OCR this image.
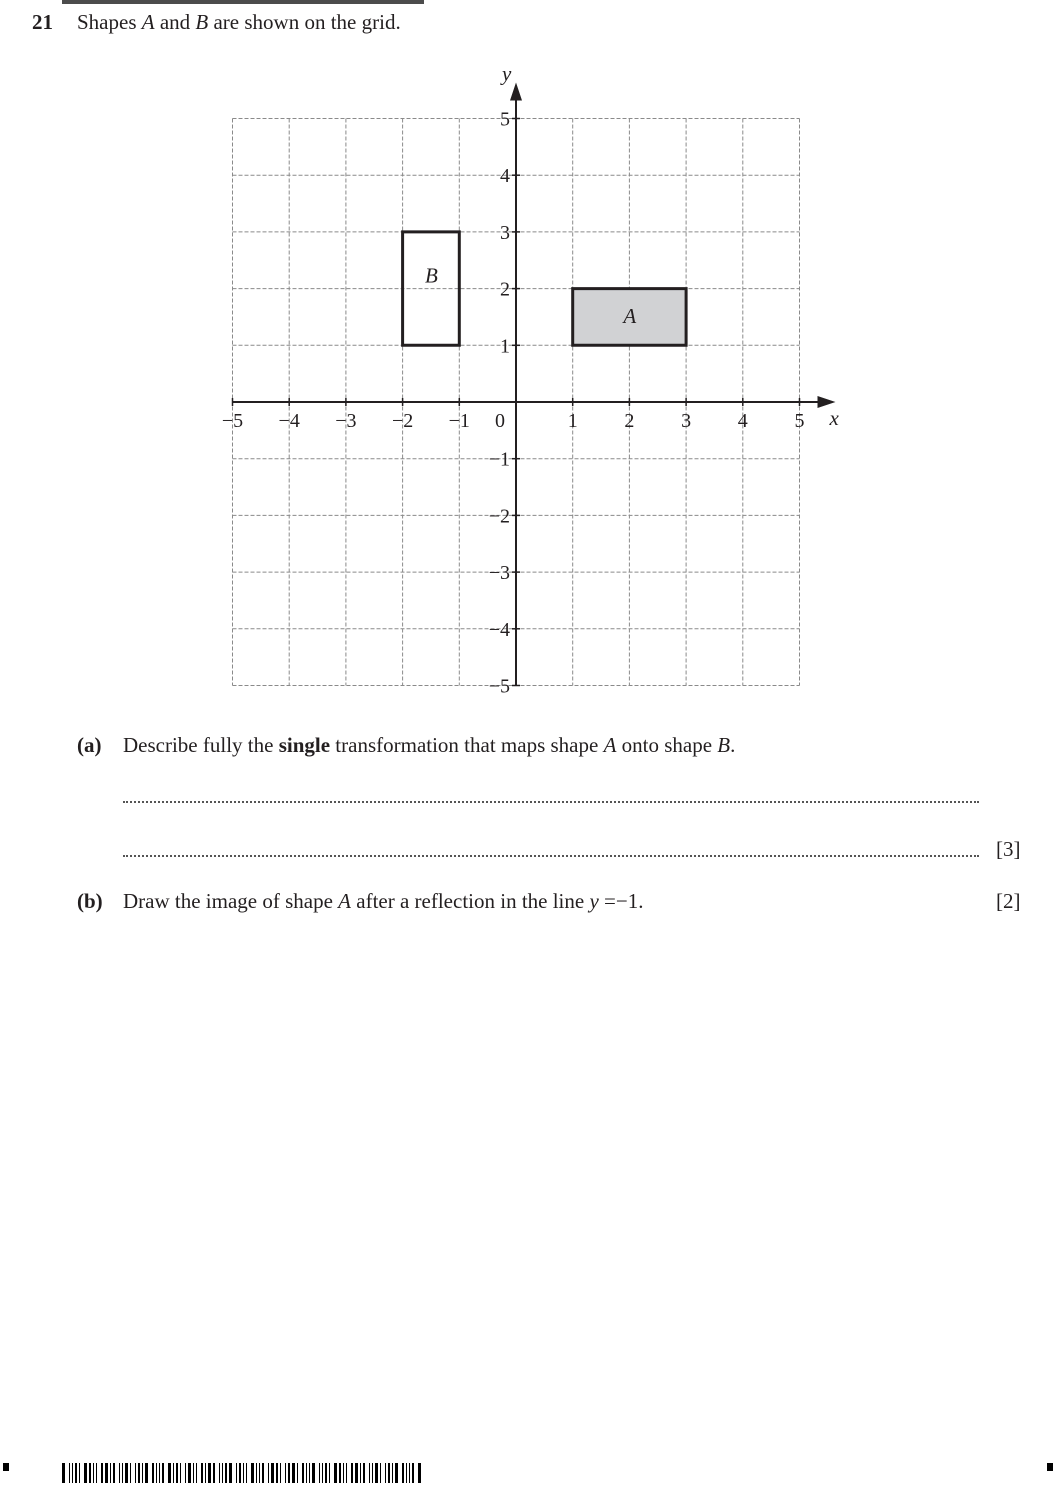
21 Shapes A and B are shown on the grid.
A
B
x
y
−5 −4 −3 −2 −1 0	1 2 3 4 5
5
4
3
2
1
−1
−2
−3
−4
−5
(a) Describe fully the single transformation that maps shape A onto shape B.
[3]
(b) Draw the image of shape A after a reflection in the line y =−1.	[2]
